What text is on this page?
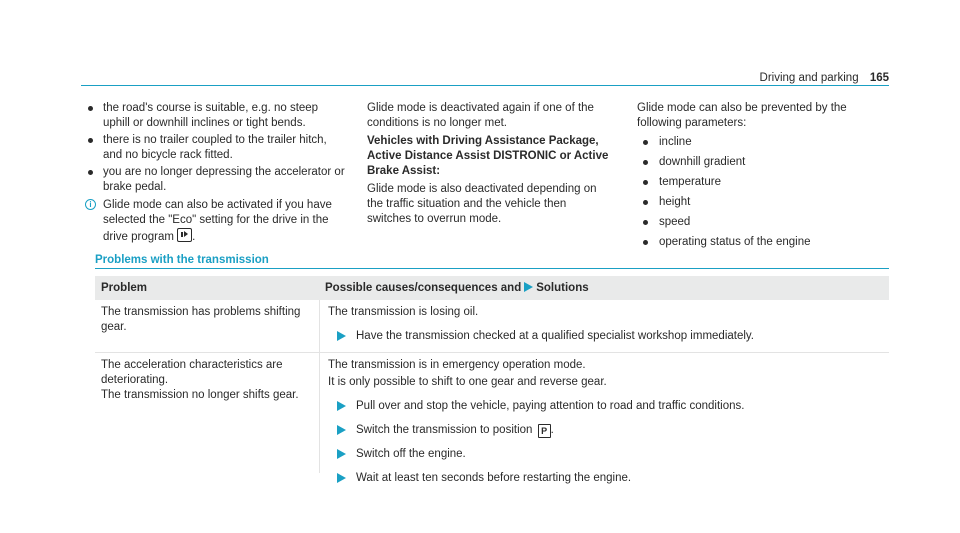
Driving and parking 165
the road's course is suitable, e.g. no steep uphill or downhill inclines or tight bends.
there is no trailer coupled to the trailer hitch, and no bicycle rack fitted.
you are no longer depressing the accelerator or brake pedal.
i Glide mode can also be activated if you have selected the "Eco" setting for the drive in the drive program .

Glide mode is deactivated again if one of the conditions is no longer met.

Vehicles with Driving Assistance Package, Active Distance Assist DISTRONIC or Active Brake Assist:

Glide mode is also deactivated depending on the traffic situation and the vehicle then switches to overrun mode.

Glide mode can also be prevented by the following parameters:

incline
downhill gradient
temperature
height
speed
operating status of the engine
Problems with the transmission
Problem	Possible causes/consequences and Solutions

The transmission has problems shifting gear.

The transmission is losing oil.

Have the transmission checked at a qualified specialist workshop immediately.

The acceleration characteristics are deteriorating.

The transmission no longer shifts gear.

The transmission is in emergency operation mode.

It is only possible to shift to one gear and reverse gear.

Pull over and stop the vehicle, paying attention to road and traffic conditions.
Switch the transmission to position P .
Switch off the engine.
Wait at least ten seconds before restarting the engine.
